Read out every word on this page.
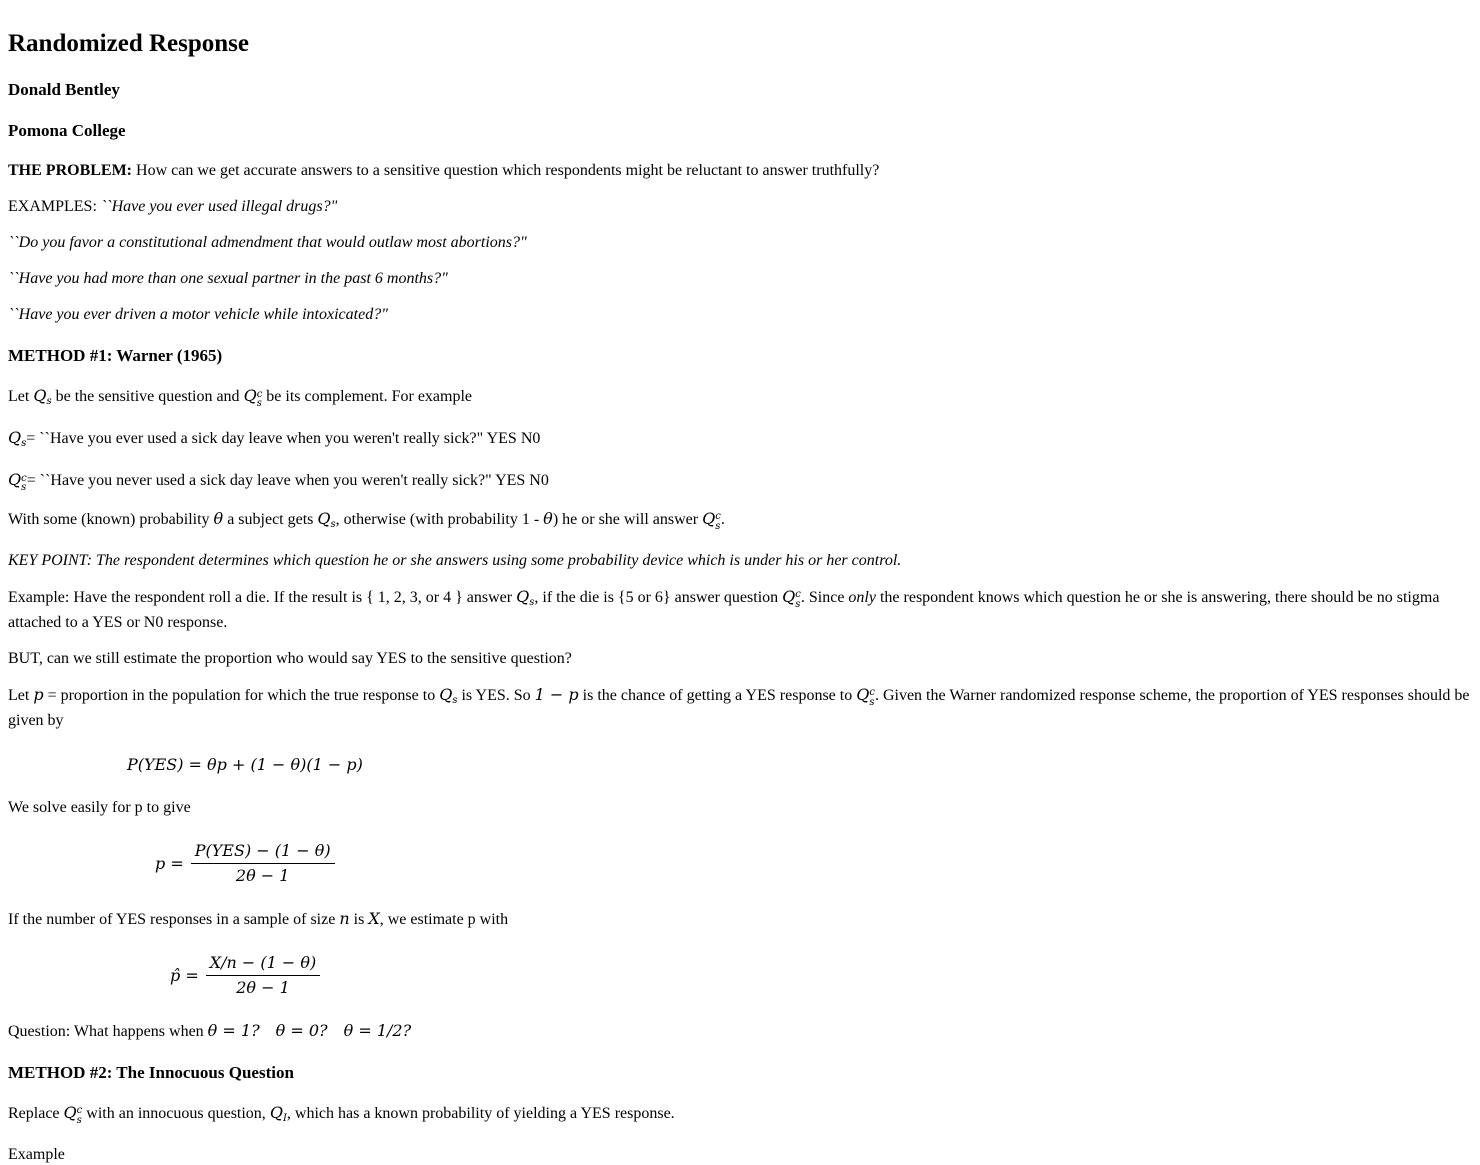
Randomized Response
Donald Bentley
Pomona College

THE PROBLEM: How can we get accurate answers to a sensitive question which respondents might be reluctant to answer truthfully?

EXAMPLES: ``Have you ever used illegal drugs?"

``Do you favor a constitutional admendment that would outlaw most abortions?"

``Have you had more than one sexual partner in the past 6 months?"

``Have you ever driven a motor vehicle while intoxicated?"

METHOD #1: Warner (1965)

Let Qs be the sensitive question and Q c
s be its complement. For example

Qs= ``Have you ever used a sick day leave when you weren't really sick?" YES N0

Q c
s = ``Have you never used a sick day leave when you weren't really sick?" YES N0

With some (known) probability θ a subject gets Qs, otherwise (with probability 1 - θ) he or she will answer Q c
s .

KEY POINT: The respondent determines which question he or she answers using some probability device which is under his or her control.

Example: Have the respondent roll a die. If the result is { 1, 2, 3, or 4 } answer Qs, if the die is {5 or 6} answer question Q c
s . Since only the respondent knows which question he or she is answering, there should be no stigma attached to a YES or N0 response.

BUT, can we still estimate the proportion who would say YES to the sensitive question?

Let p = proportion in the population for which the true response to Qs is YES. So 1 − p is the chance of getting a YES response to Q c
s . Given the Warner randomized response scheme, the proportion of YES responses should be given by

P(YES) = θp + (1 − θ)(1 − p)

We solve easily for p to give

$p = \frac{\text{P(YES) − (1 − θ)}}{2\theta - 1}$

If the number of YES responses in a sample of size n is X, we estimate p with

p̂ = $\frac{X/n - (1 - \theta)}{2\theta - 1}$

Question: What happens when θ = 1? θ = 0? θ = 1/2?

METHOD #2: The Innocuous Question

Replace Q c
s with an innocuous question, QI, which has a known probability of yielding a YES response.

Example
